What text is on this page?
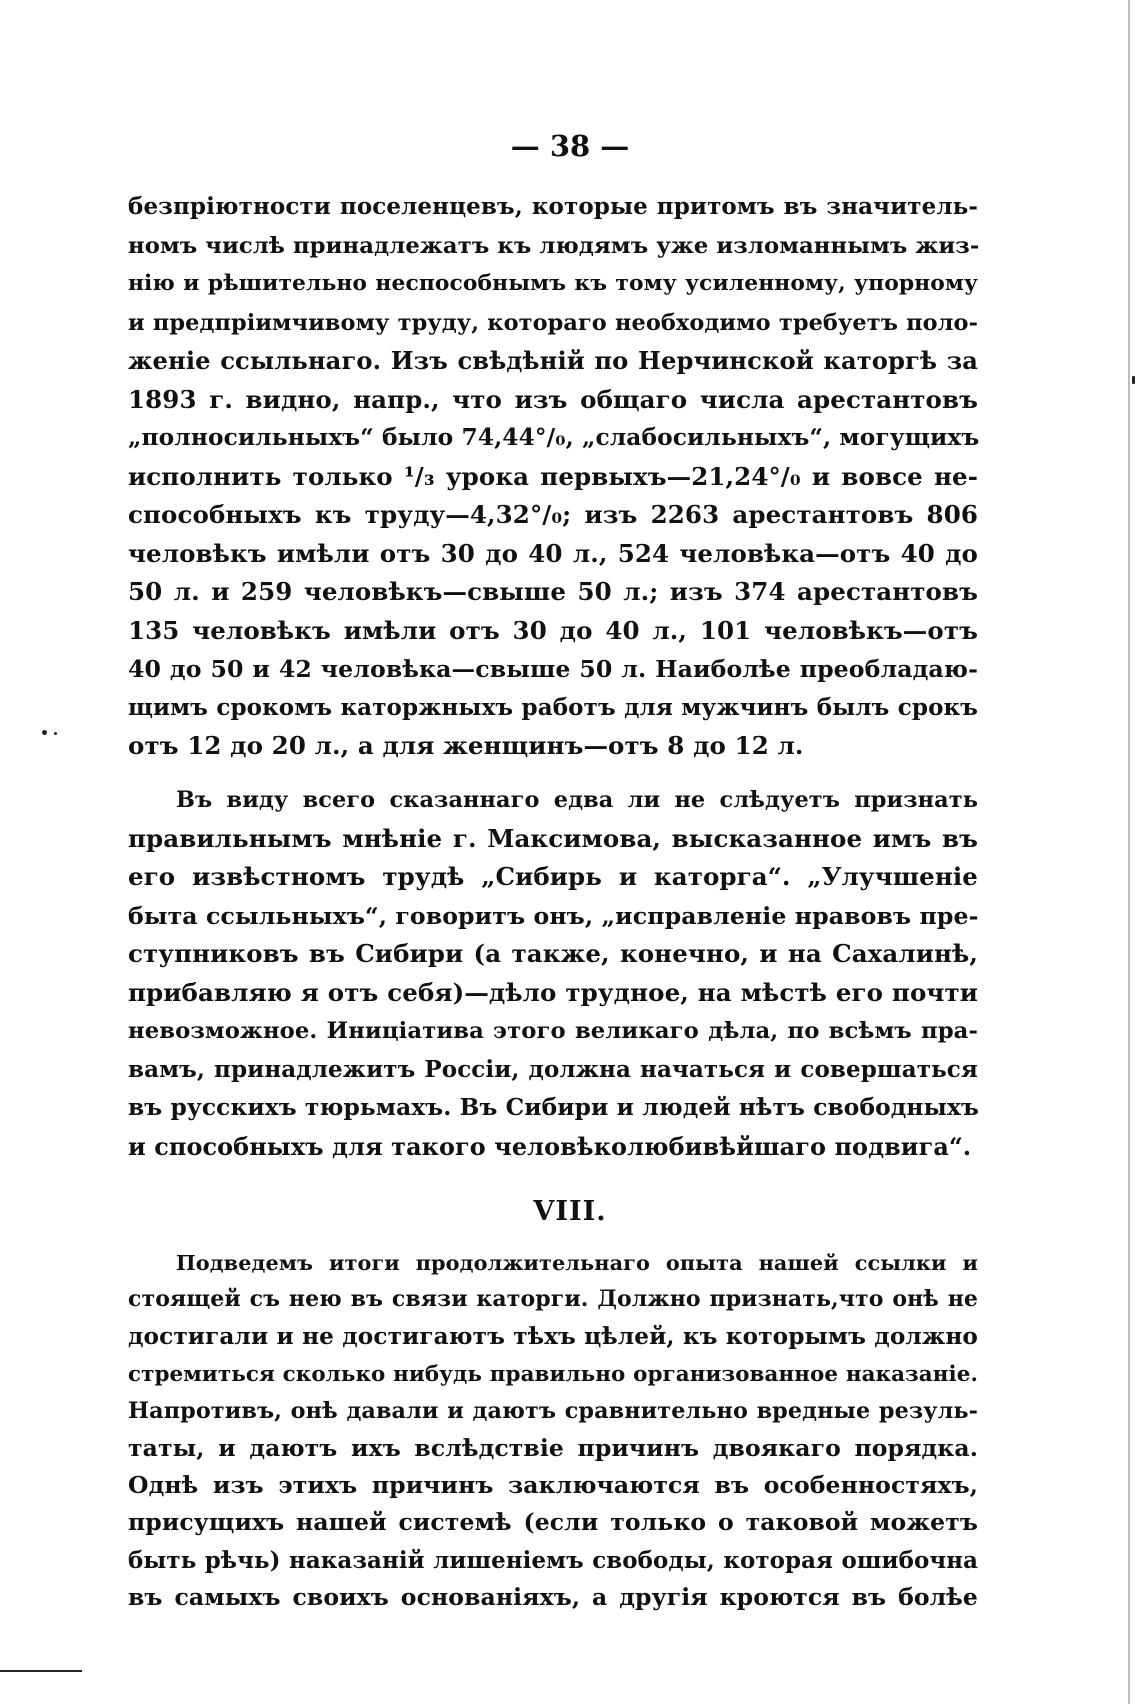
— 38 —
безпріютности поселенцевъ, которые притомъ въ значитель-
номъ числѣ принадлежатъ къ людямъ уже изломаннымъ жиз-
нію и рѣшительно неспособнымъ къ тому усиленному, упорному
и предпріимчивому труду, котораго необходимо требуетъ поло-
женіе ссыльнаго. Изъ свѣдѣній по Нерчинской каторгѣ за
1893 г. видно, напр., что изъ общаго числа арестантовъ
„полносильныхъ“ было 74,44°/₀, „слабосильныхъ“, могущихъ
исполнить только ¹/₃ урока первыхъ—21,24°/₀ и вовсе не-
способныхъ къ труду—4,32°/₀; изъ 2263 арестантовъ 806
человѣкъ имѣли отъ 30 до 40 л., 524 человѣка—отъ 40 до
50 л. и 259 человѣкъ—свыше 50 л.; изъ 374 арестантовъ
135 человѣкъ имѣли отъ 30 до 40 л., 101 человѣкъ—отъ
40 до 50 и 42 человѣка—свыше 50 л. Наиболѣе преобладаю-
щимъ срокомъ каторжныхъ работъ для мужчинъ былъ срокъ
отъ 12 до 20 л., а для женщинъ—отъ 8 до 12 л.
Въ виду всего сказаннаго едва ли не слѣдуетъ признать
правильнымъ мнѣніе г. Максимова, высказанное имъ въ
его извѣстномъ трудѣ „Сибирь и каторга“. „Улучшеніе
быта ссыльныхъ“, говоритъ онъ, „исправленіе нравовъ пре-
ступниковъ въ Сибири (а также, конечно, и на Сахалинѣ,
прибавляю я отъ себя)—дѣло трудное, на мѣстѣ его почти
невозможное. Иниціатива этого великаго дѣла, по всѣмъ пра-
вамъ, принадлежитъ Россіи, должна начаться и совершаться
въ русскихъ тюрьмахъ. Въ Сибири и людей нѣтъ свободныхъ
и способныхъ для такого человѣколюбивѣйшаго подвига“.
VIII.
Подведемъ итоги продолжительнаго опыта нашей ссылки и
стоящей съ нею въ связи каторги. Должно признать,что онѣ не
достигали и не достигаютъ тѣхъ цѣлей, къ которымъ должно
стремиться сколько нибудь правильно организованное наказаніе.
Напротивъ, онѣ давали и даютъ сравнительно вредные резуль-
таты, и даютъ ихъ вслѣдствіе причинъ двоякаго порядка.
Однѣ изъ этихъ причинъ заключаются въ особенностяхъ,
присущихъ нашей системѣ (если только о таковой можетъ
быть рѣчь) наказаній лишеніемъ свободы, которая ошибочна
въ самыхъ своихъ основаніяхъ, а другія кроются въ болѣе
